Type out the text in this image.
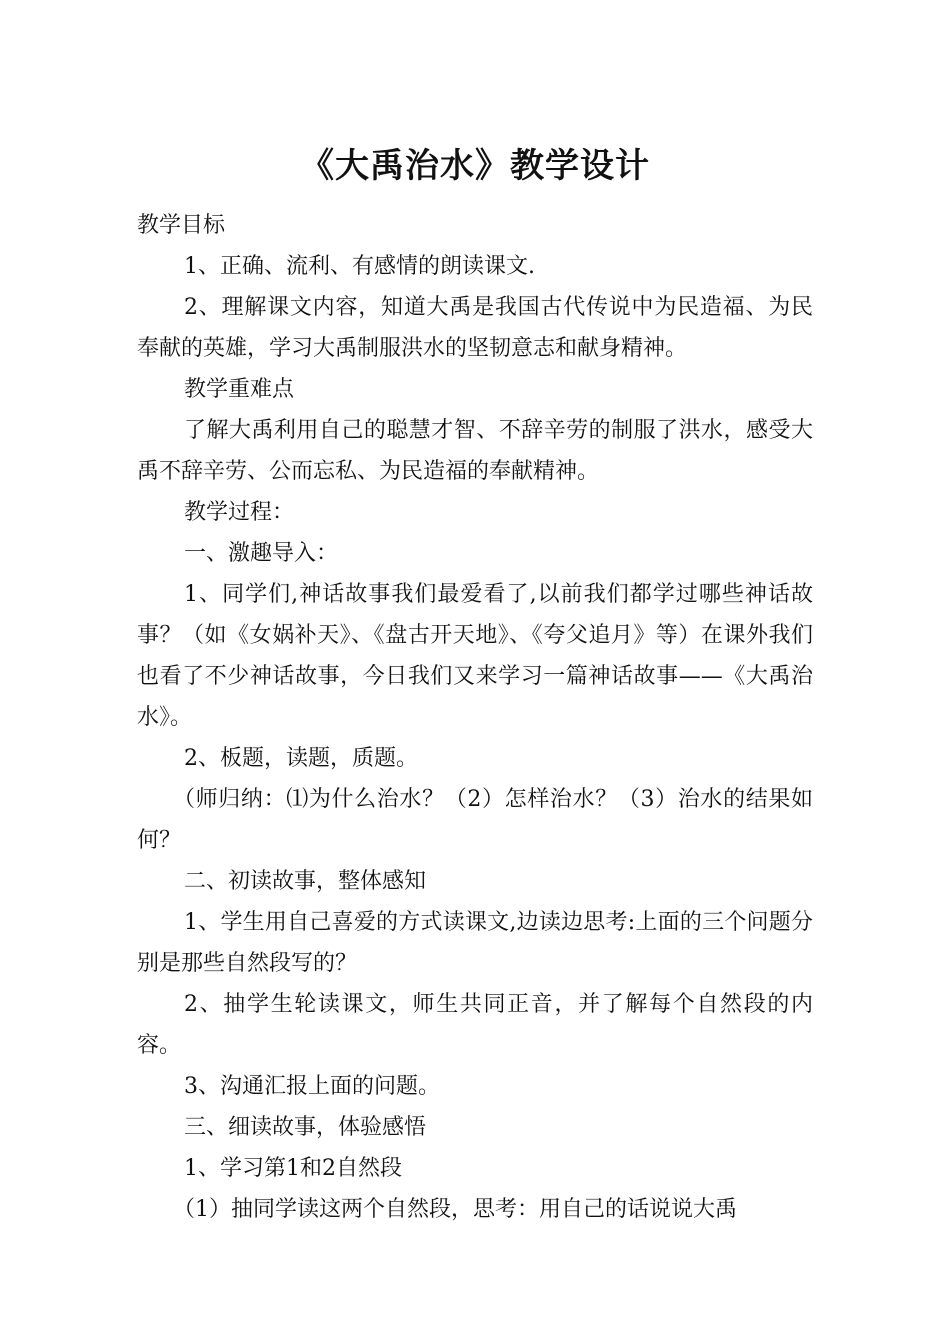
《大禹治水》教学设计

教学目标

1、正确、流利、有感情的朗读课文.

2、理解课文内容，知道大禹是我国古代传说中为民造福、为民奉献的英雄，学习大禹制服洪水的坚韧意志和献身精神。

教学重难点

了解大禹利用自己的聪慧才智、不辞辛劳的制服了洪水，感受大禹不辞辛劳、公而忘私、为民造福的奉献精神。

教学过程：

一、激趣导入：

1、同学们,神话故事我们最爱看了,以前我们都学过哪些神话故事？（如《女娲补天》、《盘古开天地》、《夸父追月》等）在课外我们也看了不少神话故事，今日我们又来学习一篇神话故事——《大禹治水》。

2、板题，读题，质题。

（师归纳：⑴为什么治水？（2）怎样治水？（3）治水的结果如何？

二、初读故事，整体感知

1、学生用自己喜爱的方式读课文,边读边思考:上面的三个问题分别是那些自然段写的？

2、抽学生轮读课文，师生共同正音，并了解每个自然段的内容。

3、沟通汇报上面的问题。

三、细读故事，体验感悟

1、学习第1和2自然段

（1）抽同学读这两个自然段，思考：用自己的话说说大禹
